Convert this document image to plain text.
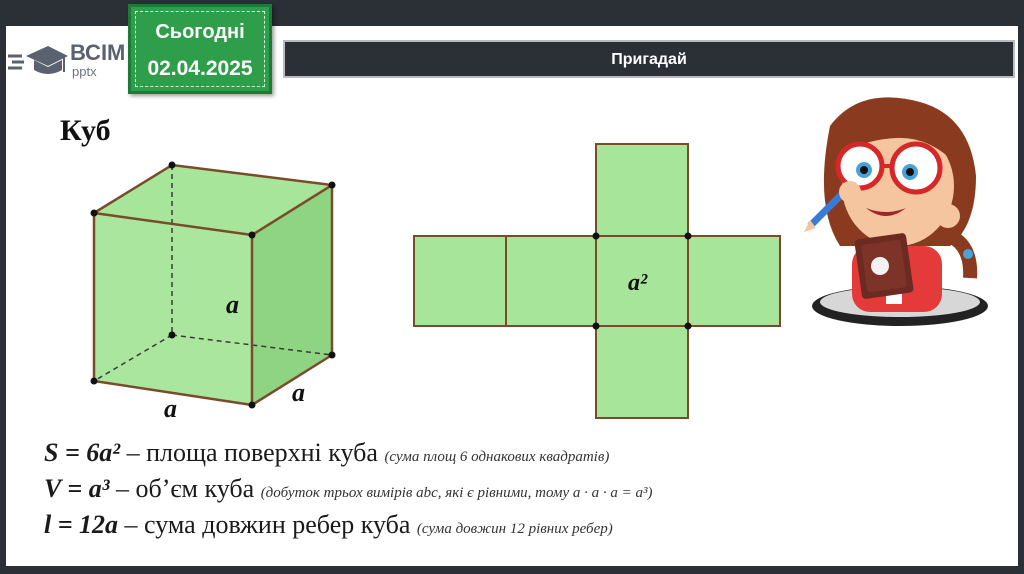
ВСІМ
pptx
Сьогодні
02.04.2025	Пригадай
Куб
a
a
a
a²
S = 6a² – площа поверхні куба (сума площ 6 однакових квадратів)
V = a³ – об’єм куба (добуток трьох вимірів abc, які є рівними, тому a · a · a = a³)
l = 12a – сума довжин ребер куба (сума довжин 12 рівних ребер)
